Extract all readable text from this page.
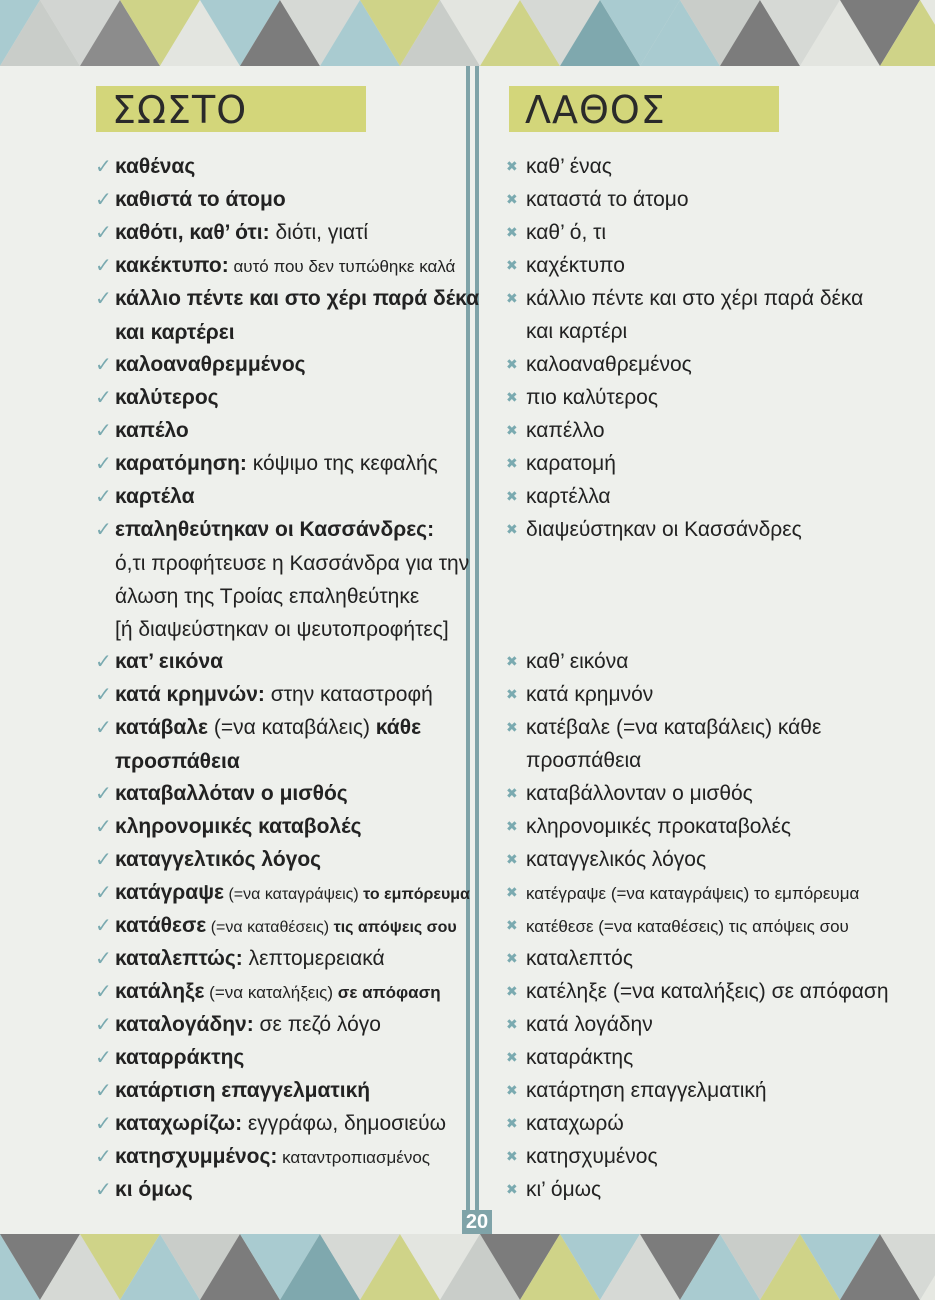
ΣΩΣΤΟ	ΛΑΘΟΣ
✓ καθένας
✓ καθιστά το άτομο
✓ καθότι, καθ’ ότι: διότι, γιατί
✓ κακέκτυπο: αυτό που δεν τυπώθηκε καλά
✓ κάλλιο πέντε και στο χέρι παρά δέκα
και καρτέρει
✓ καλοαναθρεμμένος
✓ καλύτερος
✓ καπέλο
✓ καρατόμηση: κόψιμο της κεφαλής
✓ καρτέλα
✓ επαληθεύτηκαν οι Κασσάνδρες:
ό,τι προφήτευσε η Κασσάνδρα για την
άλωση της Τροίας επαληθεύτηκε
[ή διαψεύστηκαν οι ψευτοπροφήτες]
✓ κατ’ εικόνα
✓ κατά κρημνών: στην καταστροφή
✓ κατάβαλε (=να καταβάλεις) κάθε
προσπάθεια
✓ καταβαλλόταν ο μισθός
✓ κληρονομικές καταβολές
✓ καταγγελτικός λόγος
✓ κατάγραψε (=να καταγράψεις) το εμπόρευμα
✓ κατάθεσε (=να καταθέσεις) τις απόψεις σου
✓ καταλεπτώς: λεπτομερειακά
✓ κατάληξε (=να καταλήξεις) σε απόφαση
✓ καταλογάδην: σε πεζό λόγο
✓ καταρράκτης
✓ κατάρτιση επαγγελματική
✓ καταχωρίζω: εγγράφω, δημοσιεύω
✓ κατησχυμμένος: καταντροπιασμένος
✓ κι όμως
✖ καθ’ ένας
✖ καταστά το άτομο
✖ καθ’ ό, τι
✖ καχέκτυπο
✖ κάλλιο πέντε και στο χέρι παρά δέκα
και καρτέρι
✖ καλοαναθρεμένος
✖ πιο καλύτερος
✖ καπέλλο
✖ καρατομή
✖ καρτέλλα
✖ διαψεύστηκαν οι Κασσάνδρες
✖ καθ’ εικόνα
✖ κατά κρημνόν
✖ κατέβαλε (=να καταβάλεις) κάθε
προσπάθεια
✖ καταβάλλονταν ο μισθός
✖ κληρονομικές προκαταβολές
✖ καταγγελικός λόγος
✖ κατέγραψε (=να καταγράψεις) το εμπόρευμα
✖ κατέθεσε (=να καταθέσεις) τις απόψεις σου
✖ καταλεπτός
✖ κατέληξε (=να καταλήξεις) σε απόφαση
✖ κατά λογάδην
✖ καταράκτης
✖ κατάρτηση επαγγελματική
✖ καταχωρώ
✖ κατησχυμένος
✖ κι’ όμως
20
